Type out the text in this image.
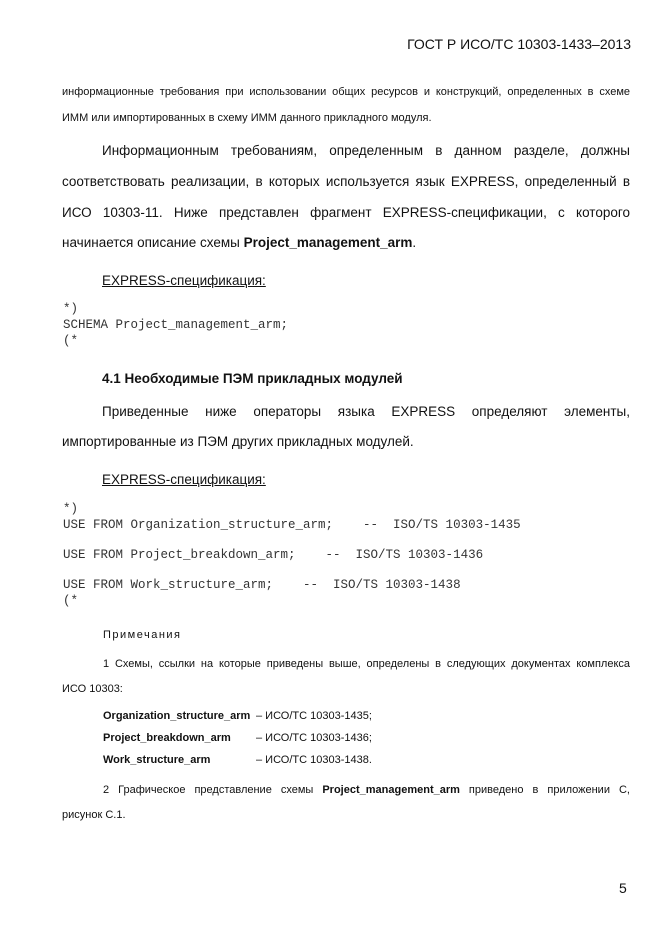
ГОСТ Р ИСО/ТС 10303-1433–2013
информационные требования при использовании общих ресурсов и конструкций, определенных в схеме
ИММ или импортированных в схему ИММ данного прикладного модуля.
Информационным требованиям, определенным в данном разделе, должны
соответствовать реализации, в которых используется язык EXPRESS, определенный в
ИСО 10303-11. Ниже представлен фрагмент EXPRESS-спецификации, с которого
начинается описание схемы Project_management_arm.
EXPRESS-спецификация:
*)
SCHEMA Project_management_arm;
(*
4.1 Необходимые ПЭМ прикладных модулей
Приведенные ниже операторы языка EXPRESS определяют элементы,
импортированные из ПЭМ других прикладных модулей.
EXPRESS-спецификация:
*)
USE FROM Organization_structure_arm;    --  ISO/TS 10303-1435
USE FROM Project_breakdown_arm;    --  ISO/TS 10303-1436
USE FROM Work_structure_arm;    --  ISO/TS 10303-1438
(*
Примечания
1 Схемы, ссылки на которые приведены выше, определены в следующих документах комплекса
ИСО 10303:
Organization_structure_arm – ИСО/ТС 10303-1435;
Project_breakdown_arm – ИСО/ТС 10303-1436;
Work_structure_arm	– ИСО/ТС 10303-1438.
2 Графическое представление схемы Project_management_arm приведено в приложении С,
рисунок С.1.
5
